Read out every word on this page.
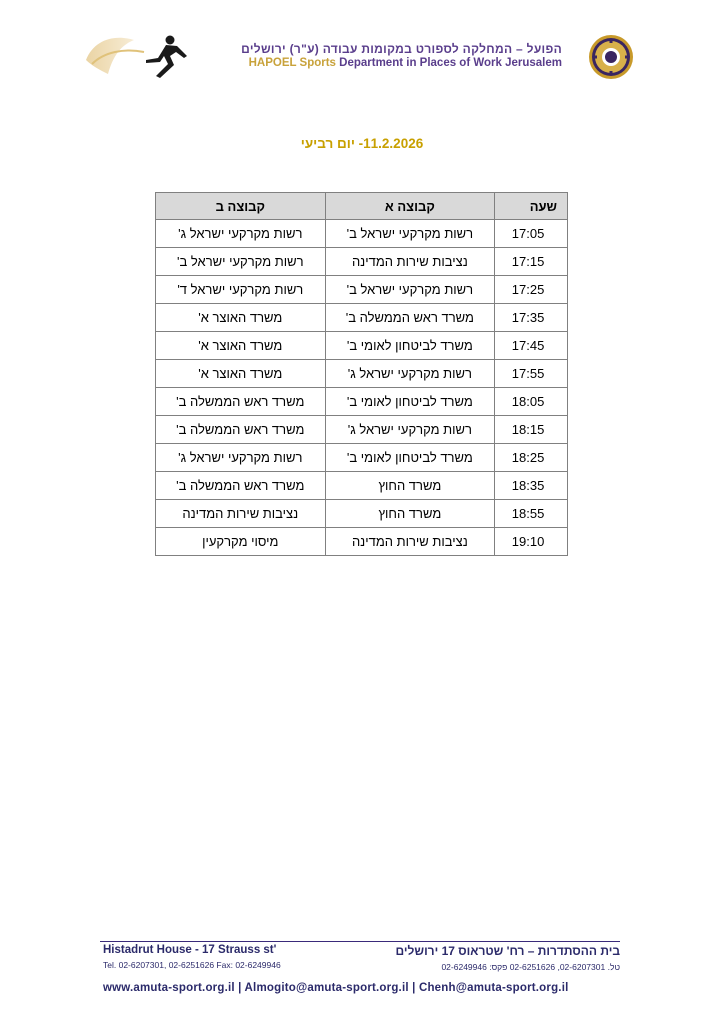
הפועל – המחלקה לספורט במקומות עבודה (ע"ר) ירושלים
HAPOEL Sports Department in Places of Work Jerusalem
11.2.2026- יום רביעי
שעה	קבוצה א	קבוצה ב
17:05	רשות מקרקעי ישראל ב'	רשות מקרקעי ישראל ג'
17:15	נציבות שירות המדינה	רשות מקרקעי ישראל ב'
17:25	רשות מקרקעי ישראל ב'	רשות מקרקעי ישראל ד'
17:35	משרד ראש הממשלה ב'	משרד האוצר א'
17:45	משרד לביטחון לאומי ב'	משרד האוצר א'
17:55	רשות מקרקעי ישראל ג'	משרד האוצר א'
18:05	משרד לביטחון לאומי ב'	משרד ראש הממשלה ב'
18:15	רשות מקרקעי ישראל ג'	משרד ראש הממשלה ב'
18:25	משרד לביטחון לאומי ב'	רשות מקרקעי ישראל ג'
18:35	משרד החוץ	משרד ראש הממשלה ב'
18:55	משרד החוץ	נציבות שירות המדינה
19:10	נציבות שירות המדינה	מיסוי מקרקעין
Histadrut House - 17 Strauss st'
Tel. 02-6207301, 02-6251626 Fax: 02-6249946
בית ההסתדרות – רח' שטראוס 17 ירושלים
טל. 02-6207301, 02-6251626 פקס: 02-6249946
www.amuta-sport.org.il | Almogito@amuta-sport.org.il | Chenh@amuta-sport.org.il
